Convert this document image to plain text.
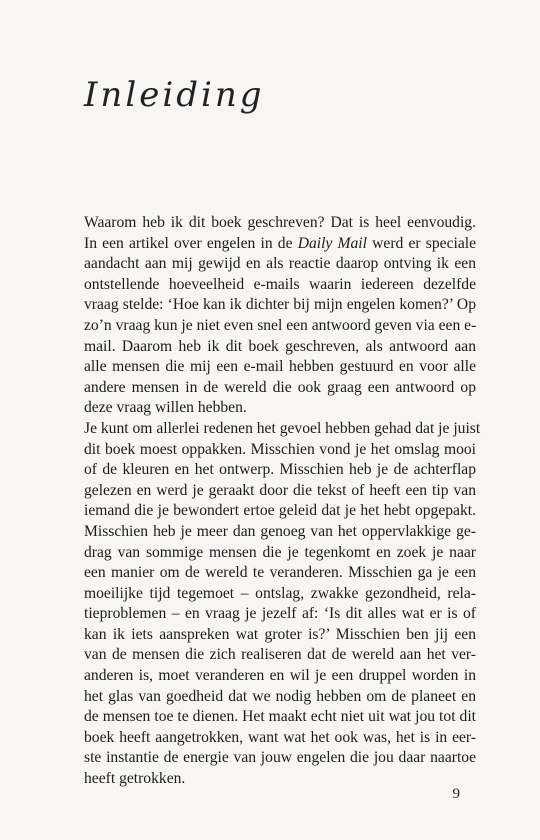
Inleiding
Waarom heb ik dit boek geschreven? Dat is heel eenvoudig.
In een artikel over engelen in de Daily Mail werd er speciale
aandacht aan mij gewijd en als reactie daarop ontving ik een
ontstellende hoeveelheid e-mails waarin iedereen dezelfde
vraag stelde: ‘Hoe kan ik dichter bij mijn engelen komen?’ Op
zo’n vraag kun je niet even snel een antwoord geven via een e-
mail. Daarom heb ik dit boek geschreven, als antwoord aan
alle mensen die mij een e-mail hebben gestuurd en voor alle
andere mensen in de wereld die ook graag een antwoord op
deze vraag willen hebben.
Je kunt om allerlei redenen het gevoel hebben gehad dat je juist
dit boek moest oppakken. Misschien vond je het omslag mooi
of de kleuren en het ontwerp. Misschien heb je de achterflap
gelezen en werd je geraakt door die tekst of heeft een tip van
iemand die je bewondert ertoe geleid dat je het hebt opgepakt.
Misschien heb je meer dan genoeg van het oppervlakkige ge-
drag van sommige mensen die je tegenkomt en zoek je naar
een manier om de wereld te veranderen. Misschien ga je een
moeilijke tijd tegemoet – ontslag, zwakke gezondheid, rela-
tieproblemen – en vraag je jezelf af: ‘Is dit alles wat er is of
kan ik iets aanspreken wat groter is?’ Misschien ben jij een
van de mensen die zich realiseren dat de wereld aan het ver-
anderen is, moet veranderen en wil je een druppel worden in
het glas van goedheid dat we nodig hebben om de planeet en
de mensen toe te dienen. Het maakt echt niet uit wat jou tot dit
boek heeft aangetrokken, want wat het ook was, het is in eer-
ste instantie de energie van jouw engelen die jou daar naartoe
heeft getrokken.
9
